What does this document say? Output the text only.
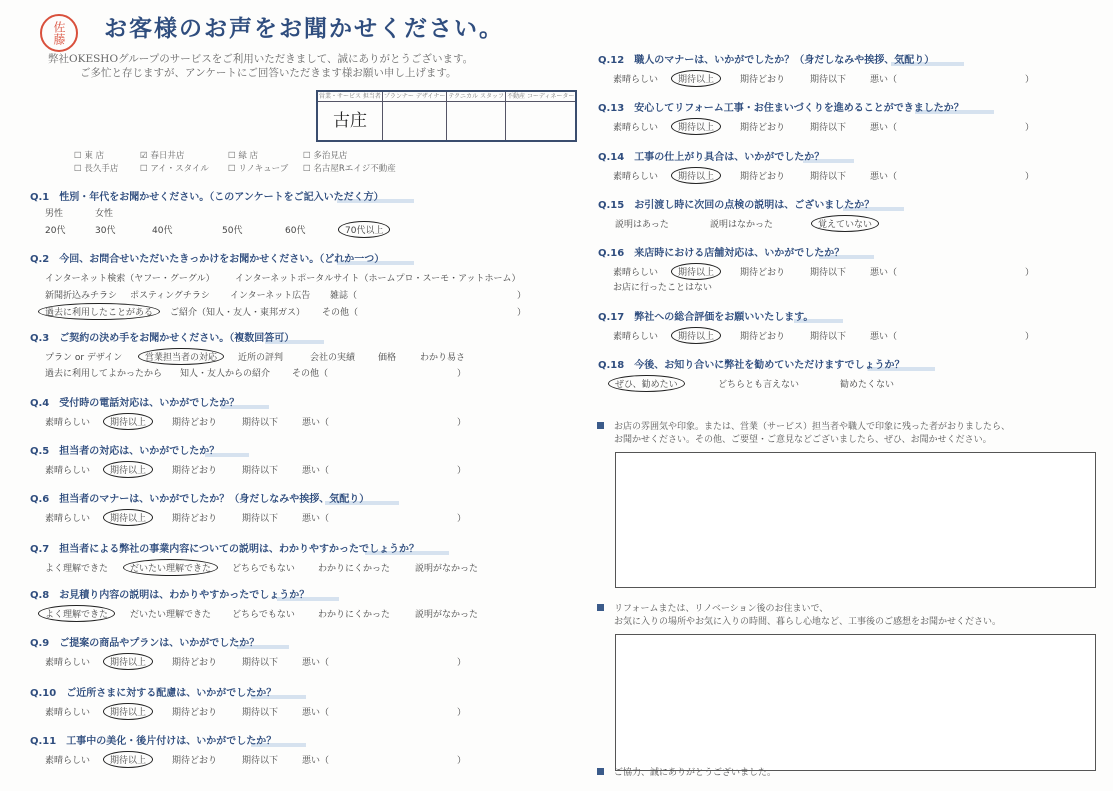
佐藤 お客様のお声をお聞かせください。
弊社OKESHOグループのサービスをご利用いただきまして、誠にありがとうございます。
ご多忙と存じますが、アンケートにご回答いただきます様お願い申し上げます。
営業・サービス 担当者	プランナー デザイナー	テクニカル スタッフ	不動産 コーディネーター
古庄			
☐ 東 店	☑ 春日井店	☐ 緑 店	☐ 多治見店
☐ 長久手店	☐ アイ・スタイル ☐ リノキューブ ☐ 名古屋Rエイジ不動産
Q.1　性別・年代をお聞かせください。（このアンケートをご記入いただく方）
男性	女性
20代	30代	40代	50代	60代	70代以上
Q.2　今回、お問合せいただいたきっかけをお聞かせください。（どれか一つ）
インターネット検索（ヤフー・グーグル） インターネットポータルサイト（ホームプロ・スーモ・アットホーム）
新聞折込みチラシ ポスティングチラシ インターネット広告 雑誌（	）
過去に利用したことがある	ご紹介（知人・友人・東邦ガス） その他（	）
Q.3　ご契約の決め手をお聞かせください。（複数回答可）
プラン or デザイン	営業担当者の対応	近所の評判	会社の実績	価格	わかり易さ
過去に利用してよかったから 知人・友人からの紹介 その他（	）
Q.4　受付時の電話対応は、いかがでしたか？
素晴らしい	期待以上	期待どおり	期待以下	悪い（	）
Q.5　担当者の対応は、いかがでしたか？
素晴らしい	期待以上	期待どおり	期待以下	悪い（	）
Q.6　担当者のマナーは、いかがでしたか？（身だしなみや挨拶、気配り）
素晴らしい	期待以上	期待どおり	期待以下	悪い（	）
Q.7　担当者による弊社の事業内容についての説明は、わかりやすかったでしょうか？
よく理解できた	だいたい理解できた	どちらでもない	わかりにくかった	説明がなかった
Q.8　お見積り内容の説明は、わかりやすかったでしょうか？
よく理解できた	だいたい理解できた どちらでもない	わかりにくかった	説明がなかった
Q.9　ご提案の商品やプランは、いかがでしたか？
素晴らしい	期待以上	期待どおり	期待以下	悪い（	）
Q.10　ご近所さまに対する配慮は、いかがでしたか？
素晴らしい	期待以上	期待どおり	期待以下	悪い（	）
Q.11　工事中の美化・後片付けは、いかがでしたか？
素晴らしい	期待以上	期待どおり	期待以下	悪い（	）
Q.12　職人のマナーは、いかがでしたか？（身だしなみや挨拶、気配り）
素晴らしい	期待以上	期待どおり	期待以下	悪い（	）
Q.13　安心してリフォーム工事・お住まいづくりを進めることができましたか？
素晴らしい	期待以上	期待どおり	期待以下	悪い（	）
Q.14　工事の仕上がり具合は、いかがでしたか？
素晴らしい	期待以上	期待どおり	期待以下	悪い（	）
Q.15　お引渡し時に次回の点検の説明は、ございましたか？
説明はあった	説明はなかった	覚えていない
Q.16　来店時における店舗対応は、いかがでしたか？
素晴らしい	期待以上	期待どおり	期待以下	悪い（	）
お店に行ったことはない
Q.17　弊社への総合評価をお願いいたします。
素晴らしい	期待以上	期待どおり	期待以下	悪い（	）
Q.18　今後、お知り合いに弊社を勧めていただけますでしょうか？
ぜひ、勧めたい	どちらとも言えない	勧めたくない
お店の雰囲気や印象。または、営業（サービス）担当者や職人で印象に残った者がおりましたら、
お聞かせください。その他、ご要望・ご意見などございましたら、ぜひ、お聞かせください。
リフォームまたは、リノベーション後のお住まいで、
お気に入りの場所やお気に入りの時間、暮らし心地など、工事後のご感想をお聞かせください。
ご協力、誠にありがとうございました。
